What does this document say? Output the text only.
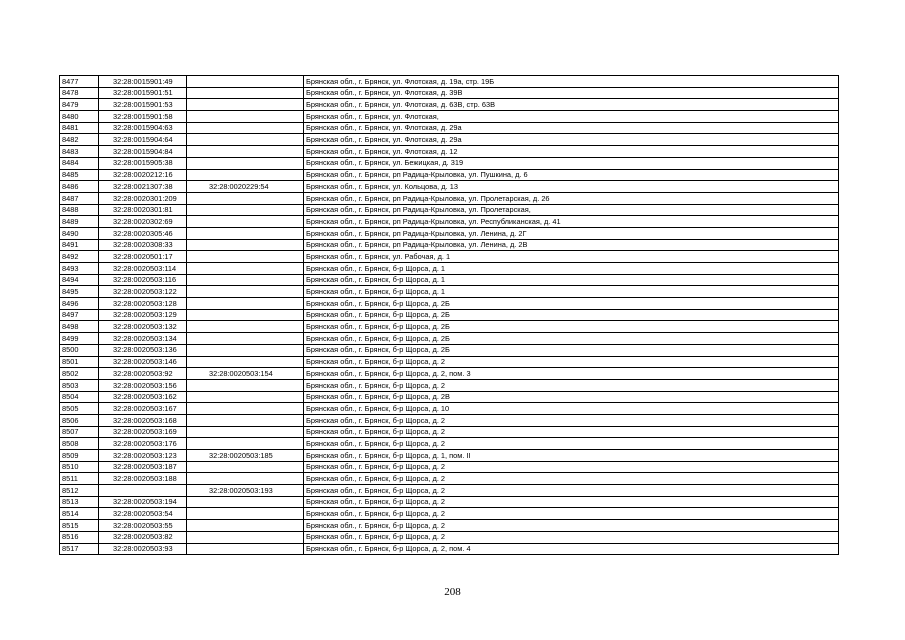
8477	32:28:0015901:49		Брянская обл., г. Брянск, ул. Флотская, д. 19а, стр. 19Б
8478	32:28:0015901:51		Брянская обл., г. Брянск, ул. Флотская, д. 39В
8479	32:28:0015901:53		Брянская обл., г. Брянск, ул. Флотская, д. 63В, стр. 63В
8480	32:28:0015901:58		Брянская обл., г. Брянск, ул. Флотская,
8481	32:28:0015904:63		Брянская обл., г. Брянск, ул. Флотская, д. 29а
8482	32:28:0015904:64		Брянская обл., г. Брянск, ул. Флотская, д. 29а
8483	32:28:0015904:84		Брянская обл., г. Брянск, ул. Флотская, д. 12
8484	32:28:0015905:38		Брянская обл., г. Брянск, ул. Бежицкая, д. 319
8485	32:28:0020212:16		Брянская обл., г. Брянск, рп Радица-Крыловка, ул. Пушкина, д. 6
8486	32:28:0021307:38	32:28:0020229:54	Брянская обл., г. Брянск, ул. Кольцова, д. 13
8487	32:28:0020301:209		Брянская обл., г. Брянск, рп Радица-Крыловка, ул. Пролетарская, д. 26
8488	32:28:0020301:81		Брянская обл., г. Брянск, рп Радица-Крыловка, ул. Пролетарская,
8489	32:28:0020302:69		Брянская обл., г. Брянск, рп Радица-Крыловка, ул. Республиканская, д. 41
8490	32:28:0020305:46		Брянская обл., г. Брянск, рп Радица-Крыловка, ул. Ленина, д. 2Г
8491	32:28:0020308:33		Брянская обл., г. Брянск, рп Радица-Крыловка, ул. Ленина, д. 2В
8492	32:28:0020501:17		Брянская обл., г. Брянск, ул. Рабочая, д. 1
8493	32:28:0020503:114		Брянская обл., г. Брянск, б-р Щорса, д. 1
8494	32:28:0020503:116		Брянская обл., г. Брянск, б-р Щорса, д. 1
8495	32:28:0020503:122		Брянская обл., г. Брянск, б-р Щорса, д. 1
8496	32:28:0020503:128		Брянская обл., г. Брянск, б-р Щорса, д. 2Б
8497	32:28:0020503:129		Брянская обл., г. Брянск, б-р Щорса, д. 2Б
8498	32:28:0020503:132		Брянская обл., г. Брянск, б-р Щорса, д. 2Б
8499	32:28:0020503:134		Брянская обл., г. Брянск, б-р Щорса, д. 2Б
8500	32:28:0020503:136		Брянская обл., г. Брянск, б-р Щорса, д. 2Б
8501	32:28:0020503:146		Брянская обл., г. Брянск, б-р Щорса, д. 2
8502	32:28:0020503:92	32:28:0020503:154	Брянская обл., г. Брянск, б-р Щорса, д. 2, пом. 3
8503	32:28:0020503:156		Брянская обл., г. Брянск, б-р Щорса, д. 2
8504	32:28:0020503:162		Брянская обл., г. Брянск, б-р Щорса, д. 2В
8505	32:28:0020503:167		Брянская обл., г. Брянск, б-р Щорса, д. 10
8506	32:28:0020503:168		Брянская обл., г. Брянск, б-р Щорса, д. 2
8507	32:28:0020503:169		Брянская обл., г. Брянск, б-р Щорса, д. 2
8508	32:28:0020503:176		Брянская обл., г. Брянск, б-р Щорса, д. 2
8509	32:28:0020503:123	32:28:0020503:185	Брянская обл., г. Брянск, б-р Щорса, д. 1, пом. II
8510	32:28:0020503:187		Брянская обл., г. Брянск, б-р Щорса, д. 2
8511	32:28:0020503:188		Брянская обл., г. Брянск, б-р Щорса, д. 2
8512		32:28:0020503:193	Брянская обл., г. Брянск, б-р Щорса, д. 2
8513	32:28:0020503:194		Брянская обл., г. Брянск, б-р Щорса, д. 2
8514	32:28:0020503:54		Брянская обл., г. Брянск, б-р Щорса, д. 2
8515	32:28:0020503:55		Брянская обл., г. Брянск, б-р Щорса, д. 2
8516	32:28:0020503:82		Брянская обл., г. Брянск, б-р Щорса, д. 2
8517	32:28:0020503:93		Брянская обл., г. Брянск, б-р Щорса, д. 2, пом. 4
208
